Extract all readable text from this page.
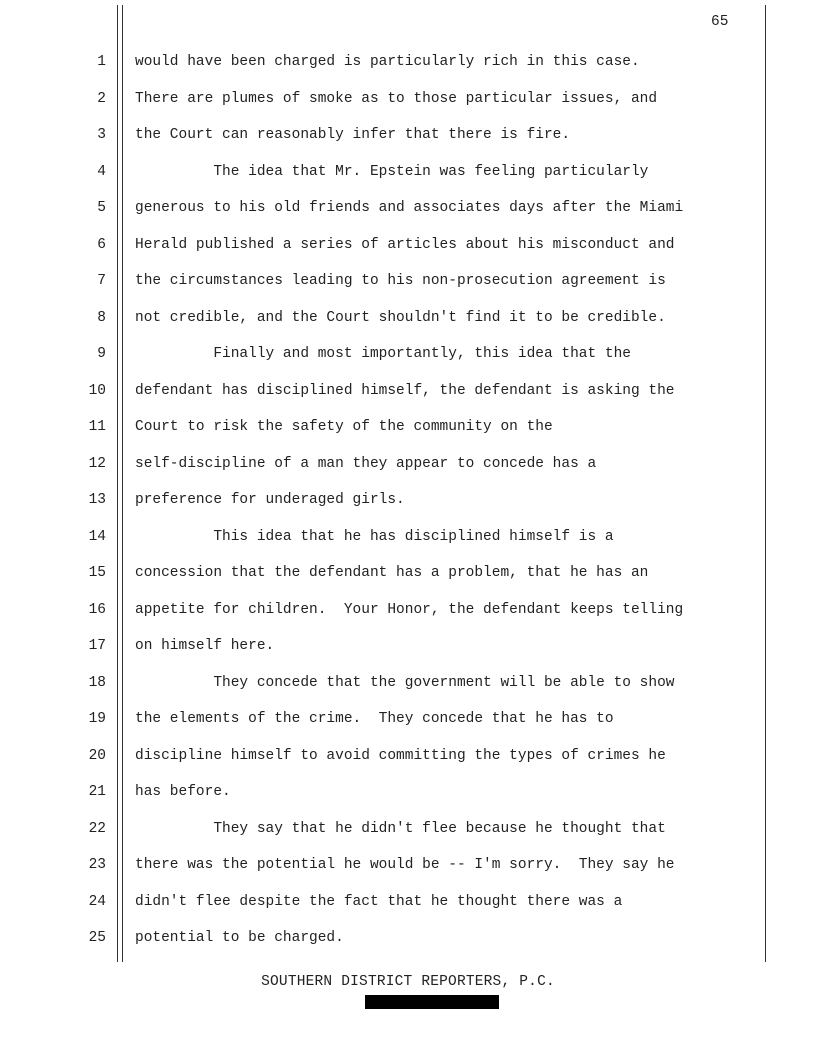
65
1 would have been charged is particularly rich in this case.
2 There are plumes of smoke as to those particular issues, and
3 the Court can reasonably infer that there is fire.
4 The idea that Mr. Epstein was feeling particularly
5 generous to his old friends and associates days after the Miami
6 Herald published a series of articles about his misconduct and
7 the circumstances leading to his non-prosecution agreement is
8 not credible, and the Court shouldn't find it to be credible.
9 Finally and most importantly, this idea that the
10 defendant has disciplined himself, the defendant is asking the
11 Court to risk the safety of the community on the
12 self-discipline of a man they appear to concede has a
13 preference for underaged girls.
14 This idea that he has disciplined himself is a
15 concession that the defendant has a problem, that he has an
16 appetite for children.  Your Honor, the defendant keeps telling
17 on himself here.
18 They concede that the government will be able to show
19 the elements of the crime.  They concede that he has to
20 discipline himself to avoid committing the types of crimes he
21 has before.
22 They say that he didn't flee because he thought that
23 there was the potential he would be -- I'm sorry.  They say he
24 didn't flee despite the fact that he thought there was a
25 potential to be charged.
SOUTHERN DISTRICT REPORTERS, P.C.
